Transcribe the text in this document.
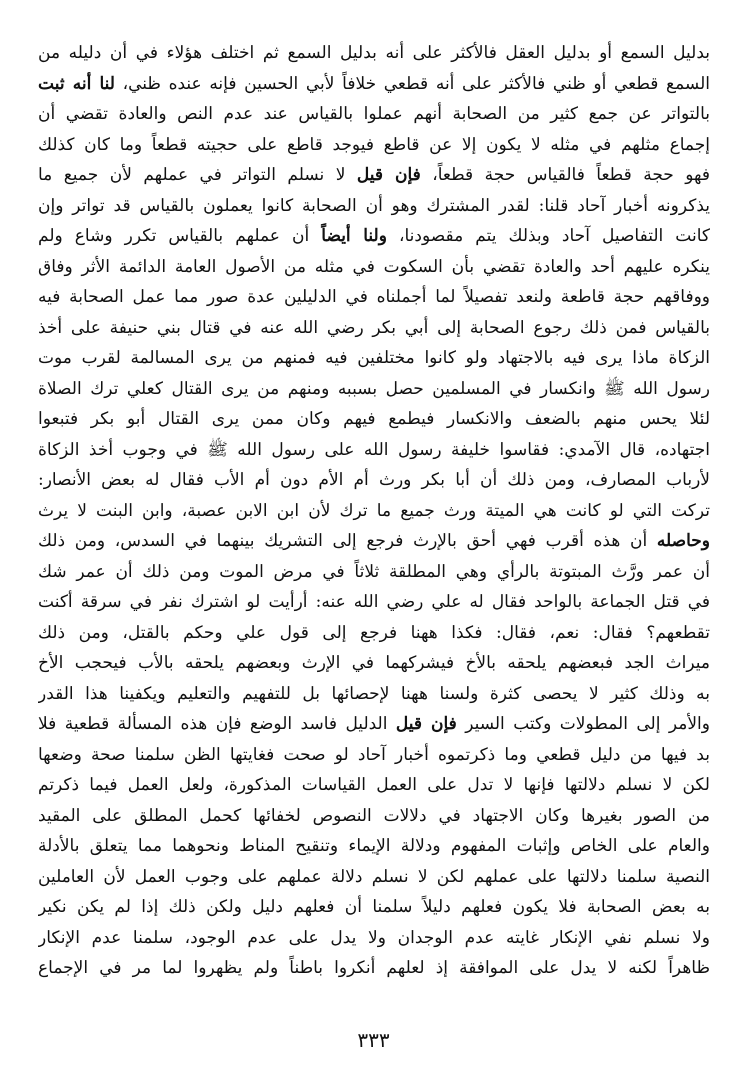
بدليل السمع أو بدليل العقل فالأكثر على أنه بدليل السمع ثم اختلف هؤلاء في أن دليله من
السمع قطعي أو ظني فالأكثر على أنه قطعي خلافاً لأبي الحسين فإنه عنده ظني، لنا أنه ثبت
بالتواتر عن جمع كثير من الصحابة أنهم عملوا بالقياس عند عدم النص والعادة تقضي أن
إجماع مثلهم في مثله لا يكون إلا عن قاطع فيوجد قاطع على حجيته قطعاً وما كان كذلك
فهو حجة قطعاً فالقياس حجة قطعاً، فإن قيل لا نسلم التواتر في عملهم لأن جميع ما
يذكرونه أخبار آحاد قلنا: لقدر المشترك وهو أن الصحابة كانوا يعملون بالقياس قد تواتر وإن
كانت التفاصيل آحاد وبذلك يتم مقصودنا، ولنا أيضاً أن عملهم بالقياس تكرر وشاع ولم
ينكره عليهم أحد والعادة تقضي بأن السكوت في مثله من الأصول العامة الدائمة الأثر وفاق
ووفاقهم حجة قاطعة ولنعد تفصيلاً لما أجملناه في الدليلين عدة صور مما عمل الصحابة فيه
بالقياس فمن ذلك رجوع الصحابة إلى أبي بكر رضي الله عنه في قتال بني حنيفة على أخذ
الزكاة ماذا يرى فيه بالاجتهاد ولو كانوا مختلفين فيه فمنهم من يرى المسالمة لقرب موت
رسول الله ﷺ وانكسار في المسلمين حصل بسببه ومنهم من يرى القتال كعلي ترك الصلاة
لئلا يحس منهم بالضعف والانكسار فيطمع فيهم وكان ممن يرى القتال أبو بكر فتبعوا
اجتهاده، قال الآمدي: فقاسوا خليفة رسول الله على رسول الله ﷺ في وجوب أخذ الزكاة
لأرباب المصارف، ومن ذلك أن أبا بكر ورث أم الأم دون أم الأب فقال له بعض الأنصار:
تركت التي لو كانت هي الميتة ورث جميع ما ترك لأن ابن الابن عصبة، وابن البنت لا يرث
وحاصله أن هذه أقرب فهي أحق بالإرث فرجع إلى التشريك بينهما في السدس، ومن ذلك
أن عمر ورَّث المبتوتة بالرأي وهي المطلقة ثلاثاً في مرض الموت ومن ذلك أن عمر شك
في قتل الجماعة بالواحد فقال له علي رضي الله عنه: أرأيت لو اشترك نفر في سرقة أكنت
تقطعهم؟ فقال: نعم، فقال: فكذا ههنا فرجع إلى قول علي وحكم بالقتل، ومن ذلك
ميراث الجد فبعضهم يلحقه بالأخ فيشركهما في الإرث وبعضهم يلحقه بالأب فيحجب الأخ
به وذلك كثير لا يحصى كثرة ولسنا ههنا لإحصائها بل للتفهيم والتعليم ويكفينا هذا القدر
والأمر إلى المطولات وكتب السير فإن قيل الدليل فاسد الوضع فإن هذه المسألة قطعية فلا
بد فيها من دليل قطعي وما ذكرتموه أخبار آحاد لو صحت فغايتها الظن سلمنا صحة وضعها
لكن لا نسلم دلالتها فإنها لا تدل على العمل القياسات المذكورة، ولعل العمل فيما ذكرتم
من الصور بغيرها وكان الاجتهاد في دلالات النصوص لخفائها كحمل المطلق على المقيد
والعام على الخاص وإثبات المفهوم ودلالة الإيماء وتنقيح المناط ونحوهما مما يتعلق بالأدلة
النصية سلمنا دلالتها على عملهم لكن لا نسلم دلالة عملهم على وجوب العمل لأن العاملين
به بعض الصحابة فلا يكون فعلهم دليلاً سلمنا أن فعلهم دليل ولكن ذلك إذا لم يكن نكير
ولا نسلم نفي الإنكار غايته عدم الوجدان ولا يدل على عدم الوجود، سلمنا عدم الإنكار
ظاهراً لكنه لا يدل على الموافقة إذ لعلهم أنكروا باطناً ولم يظهروا لما مر في الإجماع
٣٣٣
